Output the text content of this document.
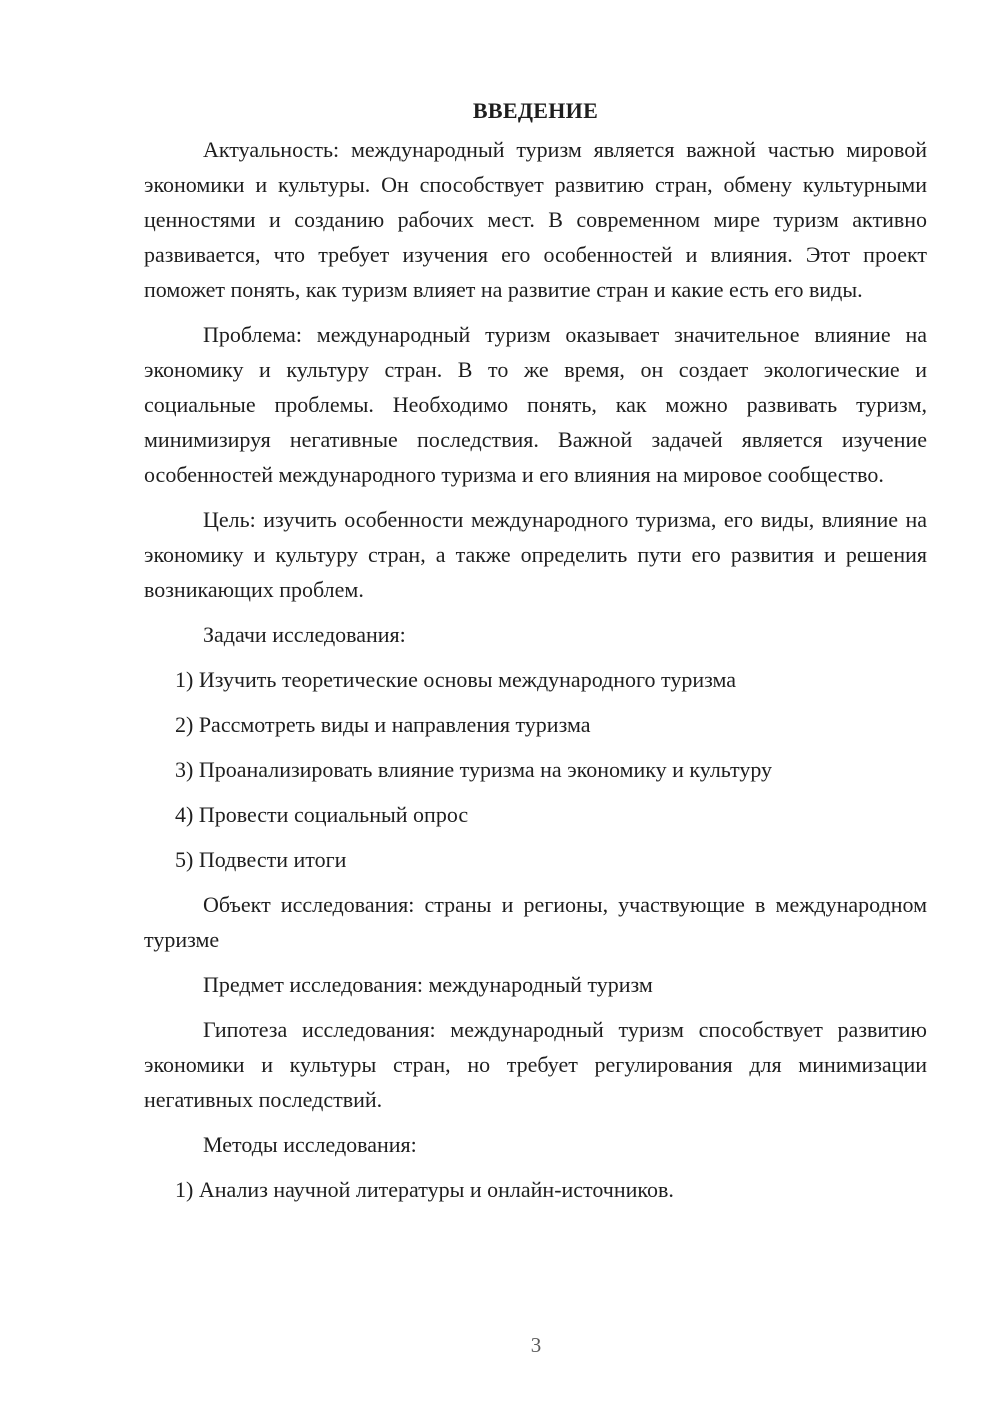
ВВЕДЕНИЕ

Актуальность: международный туризм является важной частью мировой экономики и культуры. Он способствует развитию стран, обмену культурными ценностями и созданию рабочих мест. В современном мире туризм активно развивается, что требует изучения его особенностей и влияния. Этот проект поможет понять, как туризм влияет на развитие стран и какие есть его виды.

Проблема: международный туризм оказывает значительное влияние на экономику и культуру стран. В то же время, он создает экологические и социальные проблемы. Необходимо понять, как можно развивать туризм, минимизируя негативные последствия. Важной задачей является изучение особенностей международного туризма и его влияния на мировое сообщество.

Цель: изучить особенности международного туризма, его виды, влияние на экономику и культуру стран, а также определить пути его развития и решения возникающих проблем.

Задачи исследования:

1) Изучить теоретические основы международного туризма

2) Рассмотреть виды и направления туризма

3) Проанализировать влияние туризма на экономику и культуру

4) Провести социальный опрос

5) Подвести итоги

Объект исследования: страны и регионы, участвующие в международном туризме

Предмет исследования: международный туризм

Гипотеза исследования: международный туризм способствует развитию экономики и культуры стран, но требует регулирования для минимизации негативных последствий.

Методы исследования:

1) Анализ научной литературы и онлайн-источников.

3
